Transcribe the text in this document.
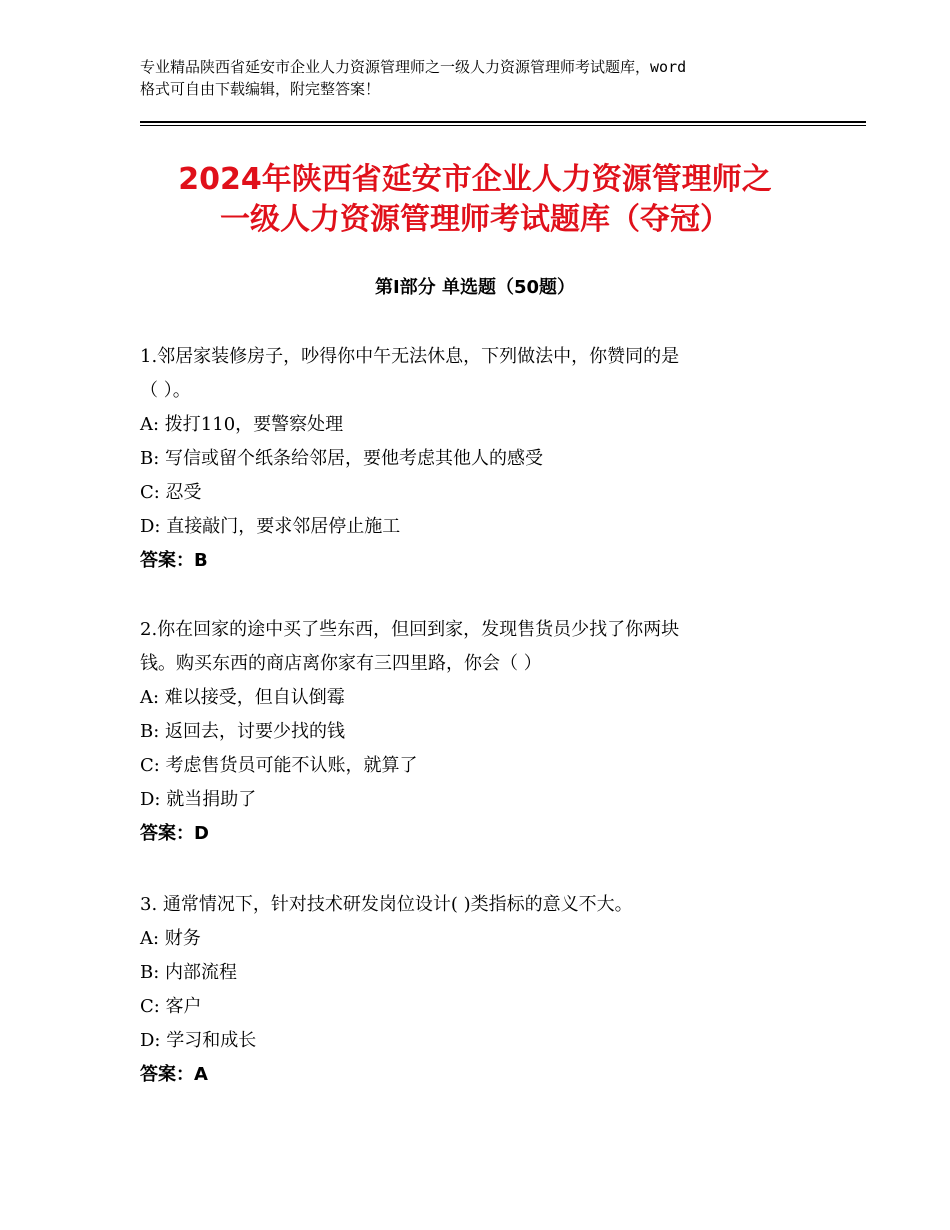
专业精品陕西省延安市企业人力资源管理师之一级人力资源管理师考试题库，word
格式可自由下载编辑，附完整答案！
2024年陕西省延安市企业人力资源管理师之
一级人力资源管理师考试题库（夺冠）
第Ⅰ部分 单选题（50题）

1.邻居家装修房子，吵得你中午无法休息，下列做法中，你赞同的是

（ ）。

A: 拨打110，要警察处理

B: 写信或留个纸条给邻居，要他考虑其他人的感受

C: 忍受

D: 直接敲门，要求邻居停止施工

答案：B

2.你在回家的途中买了些东西，但回到家，发现售货员少找了你两块

钱。购买东西的商店离你家有三四里路，你会（ ）

A: 难以接受，但自认倒霉

B: 返回去，讨要少找的钱

C: 考虑售货员可能不认账，就算了

D: 就当捐助了

答案：D

3. 通常情况下，针对技术研发岗位设计( )类指标的意义不大。

A: 财务

B: 内部流程

C: 客户

D: 学习和成长

答案：A
